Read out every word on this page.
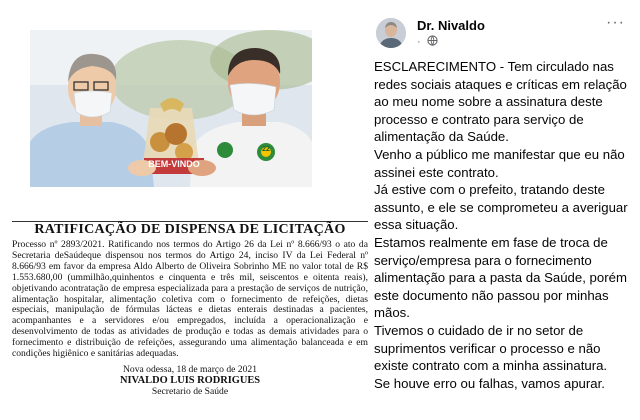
BEM-VINDO
22
RATIFICAÇÃO DE DISPENSA DE LICITAÇÃO
Processo nº 2893/2021. Ratificando nos termos do Artigo 26 da Lei nº 8.666/93 o ato da Secretaria deSaúdeque dispensou nos termos do Artigo 24, inciso IV da Lei Federal nº 8.666/93 em favor da empresa Aldo Alberto de Oliveira Sobrinho ME no valor total de R$ 1.553.680,00 (ummilhão,quinhentos e cinquenta e três mil, seiscentos e oitenta reais), objetivando acontratação de empresa especializada para a prestação de serviços de nutrição, alimentação hospitalar, alimentação coletiva com o fornecimento de refeições, dietas especiais, manipulação de fórmulas lácteas e dietas enterais destinadas a pacientes, acompanhantes e a servidores e/ou empregados, incluída a operacionalização e desenvolvimento de todas as atividades de produção e todas as demais atividades para o fornecimento e distribuição de refeições, assegurando uma alimentação balanceada e em condições higiênico e sanitárias adequadas.
Nova odessa, 18 de março de 2021
NIVALDO LUIS RODRIGUES
Secretario de Saúde
Dr. Nivaldo
·
···

ESCLARECIMENTO - Tem circulado nas redes sociais ataques e críticas em relação ao meu nome sobre a assinatura deste processo e contrato para serviço de alimentação da Saúde.

Venho a público me manifestar que eu não assinei este contrato.

Já estive com o prefeito, tratando deste assunto, e ele se comprometeu a averiguar essa situação.

Estamos realmente em fase de troca de serviço/empresa para o fornecimento alimentação para a pasta da Saúde, porém este documento não passou por minhas mãos.

Tivemos o cuidado de ir no setor de suprimentos verificar o processo e não existe contrato com a minha assinatura.

Se houve erro ou falhas, vamos apurar.
